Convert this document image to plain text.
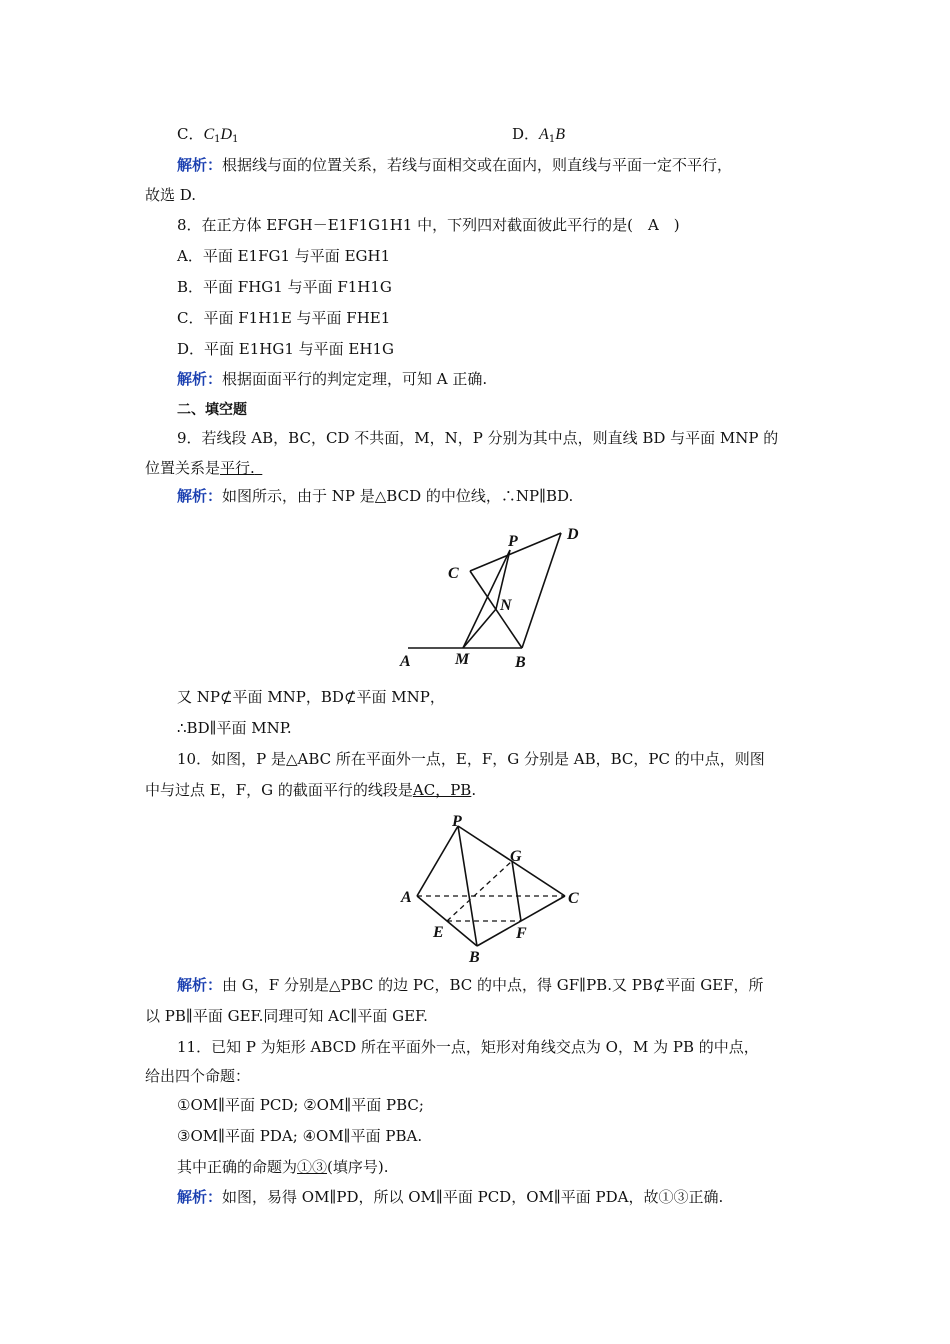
C．$C_1D_1$	D．$A_1B$
解析：根据线与面的位置关系，若线与面相交或在面内，则直线与平面一定不平行，
故选 D.
8．在正方体 EFGH－E1F1G1H1 中，下列四对截面彼此平行的是(　A　)
A．平面 E1FG1 与平面 EGH1
B．平面 FHG1 与平面 F1H1G
C．平面 F1H1E 与平面 FHE1
D．平面 E1HG1 与平面 EH1G
解析：根据面面平行的判定定理，可知 A 正确.
二、填空题
9．若线段 AB，BC，CD 不共面，M，N，P 分别为其中点，则直线 BD 与平面 MNP 的
位置关系是平行. 
解析：如图所示，由于 NP 是△BCD 的中位线，∴NP∥BD.
P	D
C
N
A	M	B
又 NP⊄平面 MNP，BD⊄平面 MNP，
∴BD∥平面 MNP.
10．如图，P 是△ABC 所在平面外一点，E，F，G 分别是 AB，BC，PC 的中点，则图
中与过点 E，F，G 的截面平行的线段是AC，PB.
P
G
A	C
E	F
B
解析：由 G，F 分别是△PBC 的边 PC，BC 的中点，得 GF∥PB.又 PB⊄平面 GEF，所
以 PB∥平面 GEF.同理可知 AC∥平面 GEF.
11．已知 P 为矩形 ABCD 所在平面外一点，矩形对角线交点为 O，M 为 PB 的中点，
给出四个命题：
①OM∥平面 PCD; ②OM∥平面 PBC;
③OM∥平面 PDA; ④OM∥平面 PBA.
其中正确的命题为①③(填序号).
解析：如图，易得 OM∥PD，所以 OM∥平面 PCD，OM∥平面 PDA，故①③正确.
